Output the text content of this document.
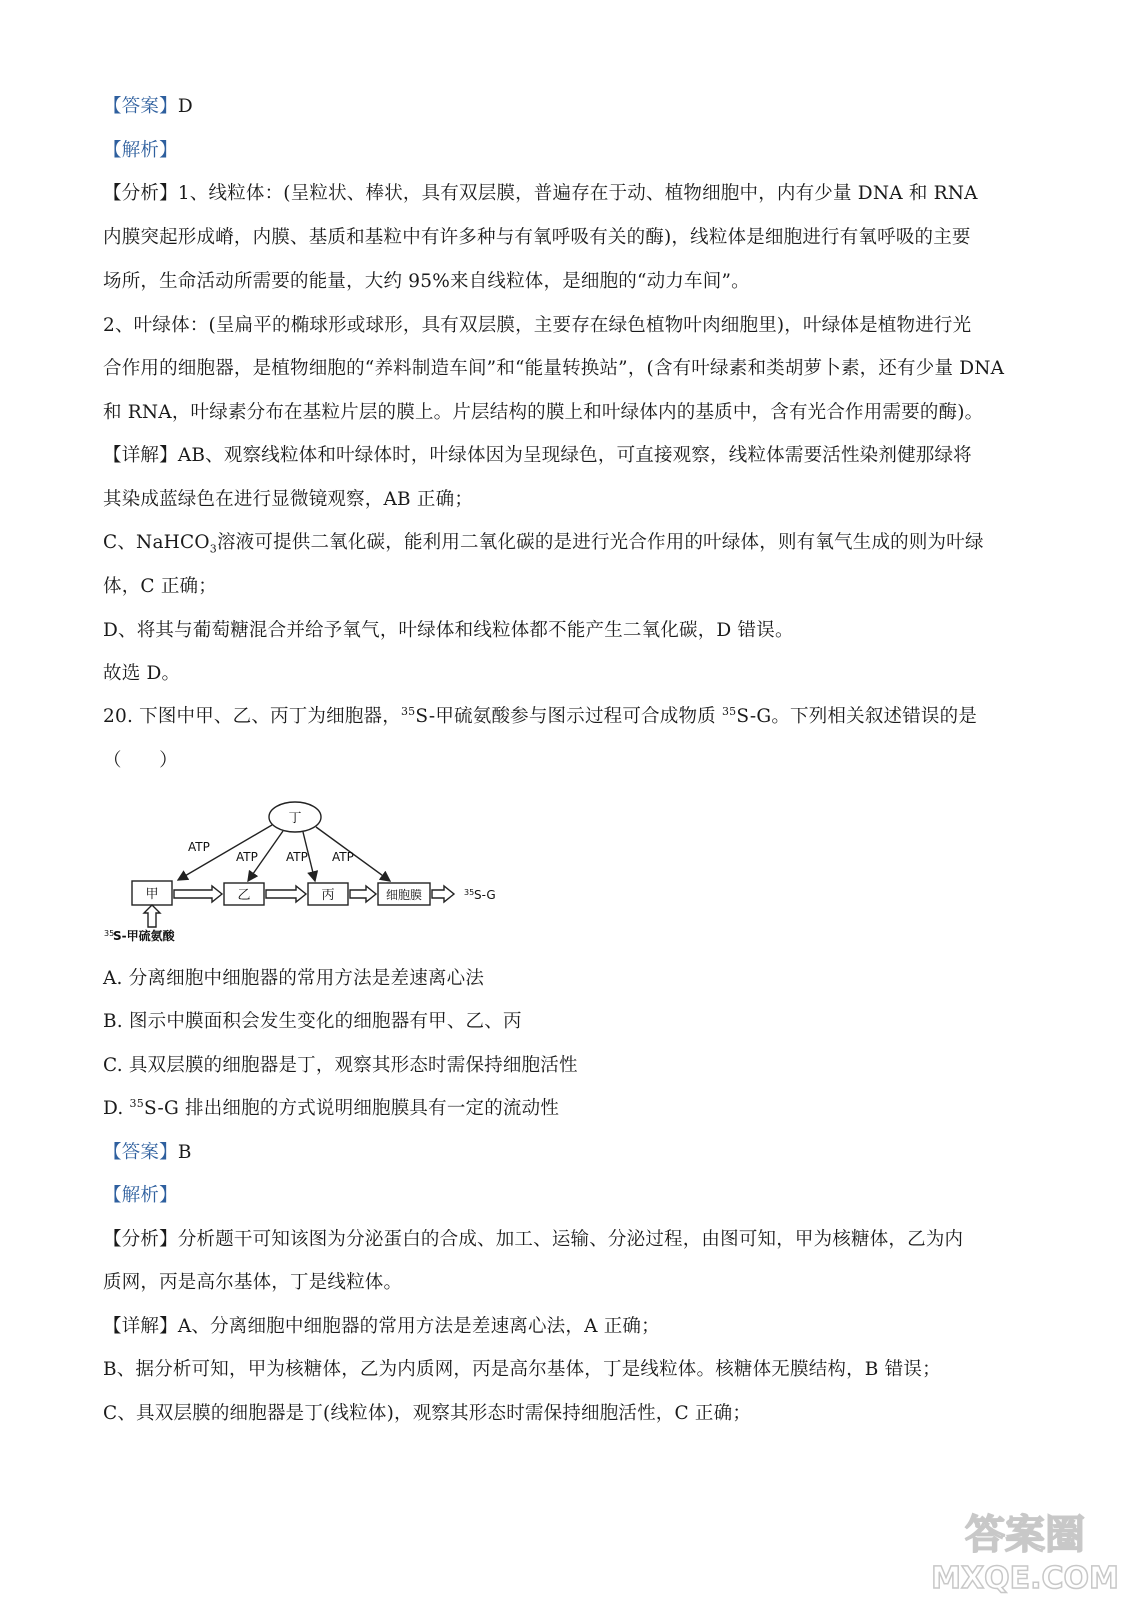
【答案】D
【解析】
【分析】1、线粒体：(呈粒状、棒状，具有双层膜，普遍存在于动、植物细胞中，内有少量 DNA 和 RNA
内膜突起形成嵴，内膜、基质和基粒中有许多种与有氧呼吸有关的酶)，线粒体是细胞进行有氧呼吸的主要
场所，生命活动所需要的能量，大约 95%来自线粒体，是细胞的“动力车间”。
2、叶绿体：(呈扁平的椭球形或球形，具有双层膜，主要存在绿色植物叶肉细胞里)，叶绿体是植物进行光
合作用的细胞器，是植物细胞的“养料制造车间”和“能量转换站”，(含有叶绿素和类胡萝卜素，还有少量 DNA
和 RNA，叶绿素分布在基粒片层的膜上。片层结构的膜上和叶绿体内的基质中，含有光合作用需要的酶)。
【详解】AB、观察线粒体和叶绿体时，叶绿体因为呈现绿色，可直接观察，线粒体需要活性染剂健那绿将
其染成蓝绿色在进行显微镜观察，AB 正确；
C、NaHCO$_3$溶液可提供二氧化碳，能利用二氧化碳的是进行光合作用的叶绿体，则有氧气生成的则为叶绿
体，C 正确；
D、将其与葡萄糖混合并给予氧气，叶绿体和线粒体都不能产生二氧化碳，D 错误。
故选 D。
20. 下图中甲、乙、丙丁为细胞器，$^{35}$S-甲硫氨酸参与图示过程可合成物质 $^{35}$S-G。下列相关叙述错误的是
（　　）
丁
甲	乙	丙	细胞膜
ATP
ATP ATP ATP
35 S-G
35
S-甲硫氨酸
A. 分离细胞中细胞器的常用方法是差速离心法
B. 图示中膜面积会发生变化的细胞器有甲、乙、丙
C. 具双层膜的细胞器是丁，观察其形态时需保持细胞活性
D. $^{35}$S-G 排出细胞的方式说明细胞膜具有一定的流动性
【答案】B
【解析】
【分析】分析题干可知该图为分泌蛋白的合成、加工、运输、分泌过程，由图可知，甲为核糖体，乙为内
质网，丙是高尔基体，丁是线粒体。
【详解】A、分离细胞中细胞器的常用方法是差速离心法，A 正确；
B、据分析可知，甲为核糖体，乙为内质网，丙是高尔基体，丁是线粒体。核糖体无膜结构，B 错误；
C、具双层膜的细胞器是丁(线粒体)，观察其形态时需保持细胞活性，C 正确；
答案圈
MXQE.COM
